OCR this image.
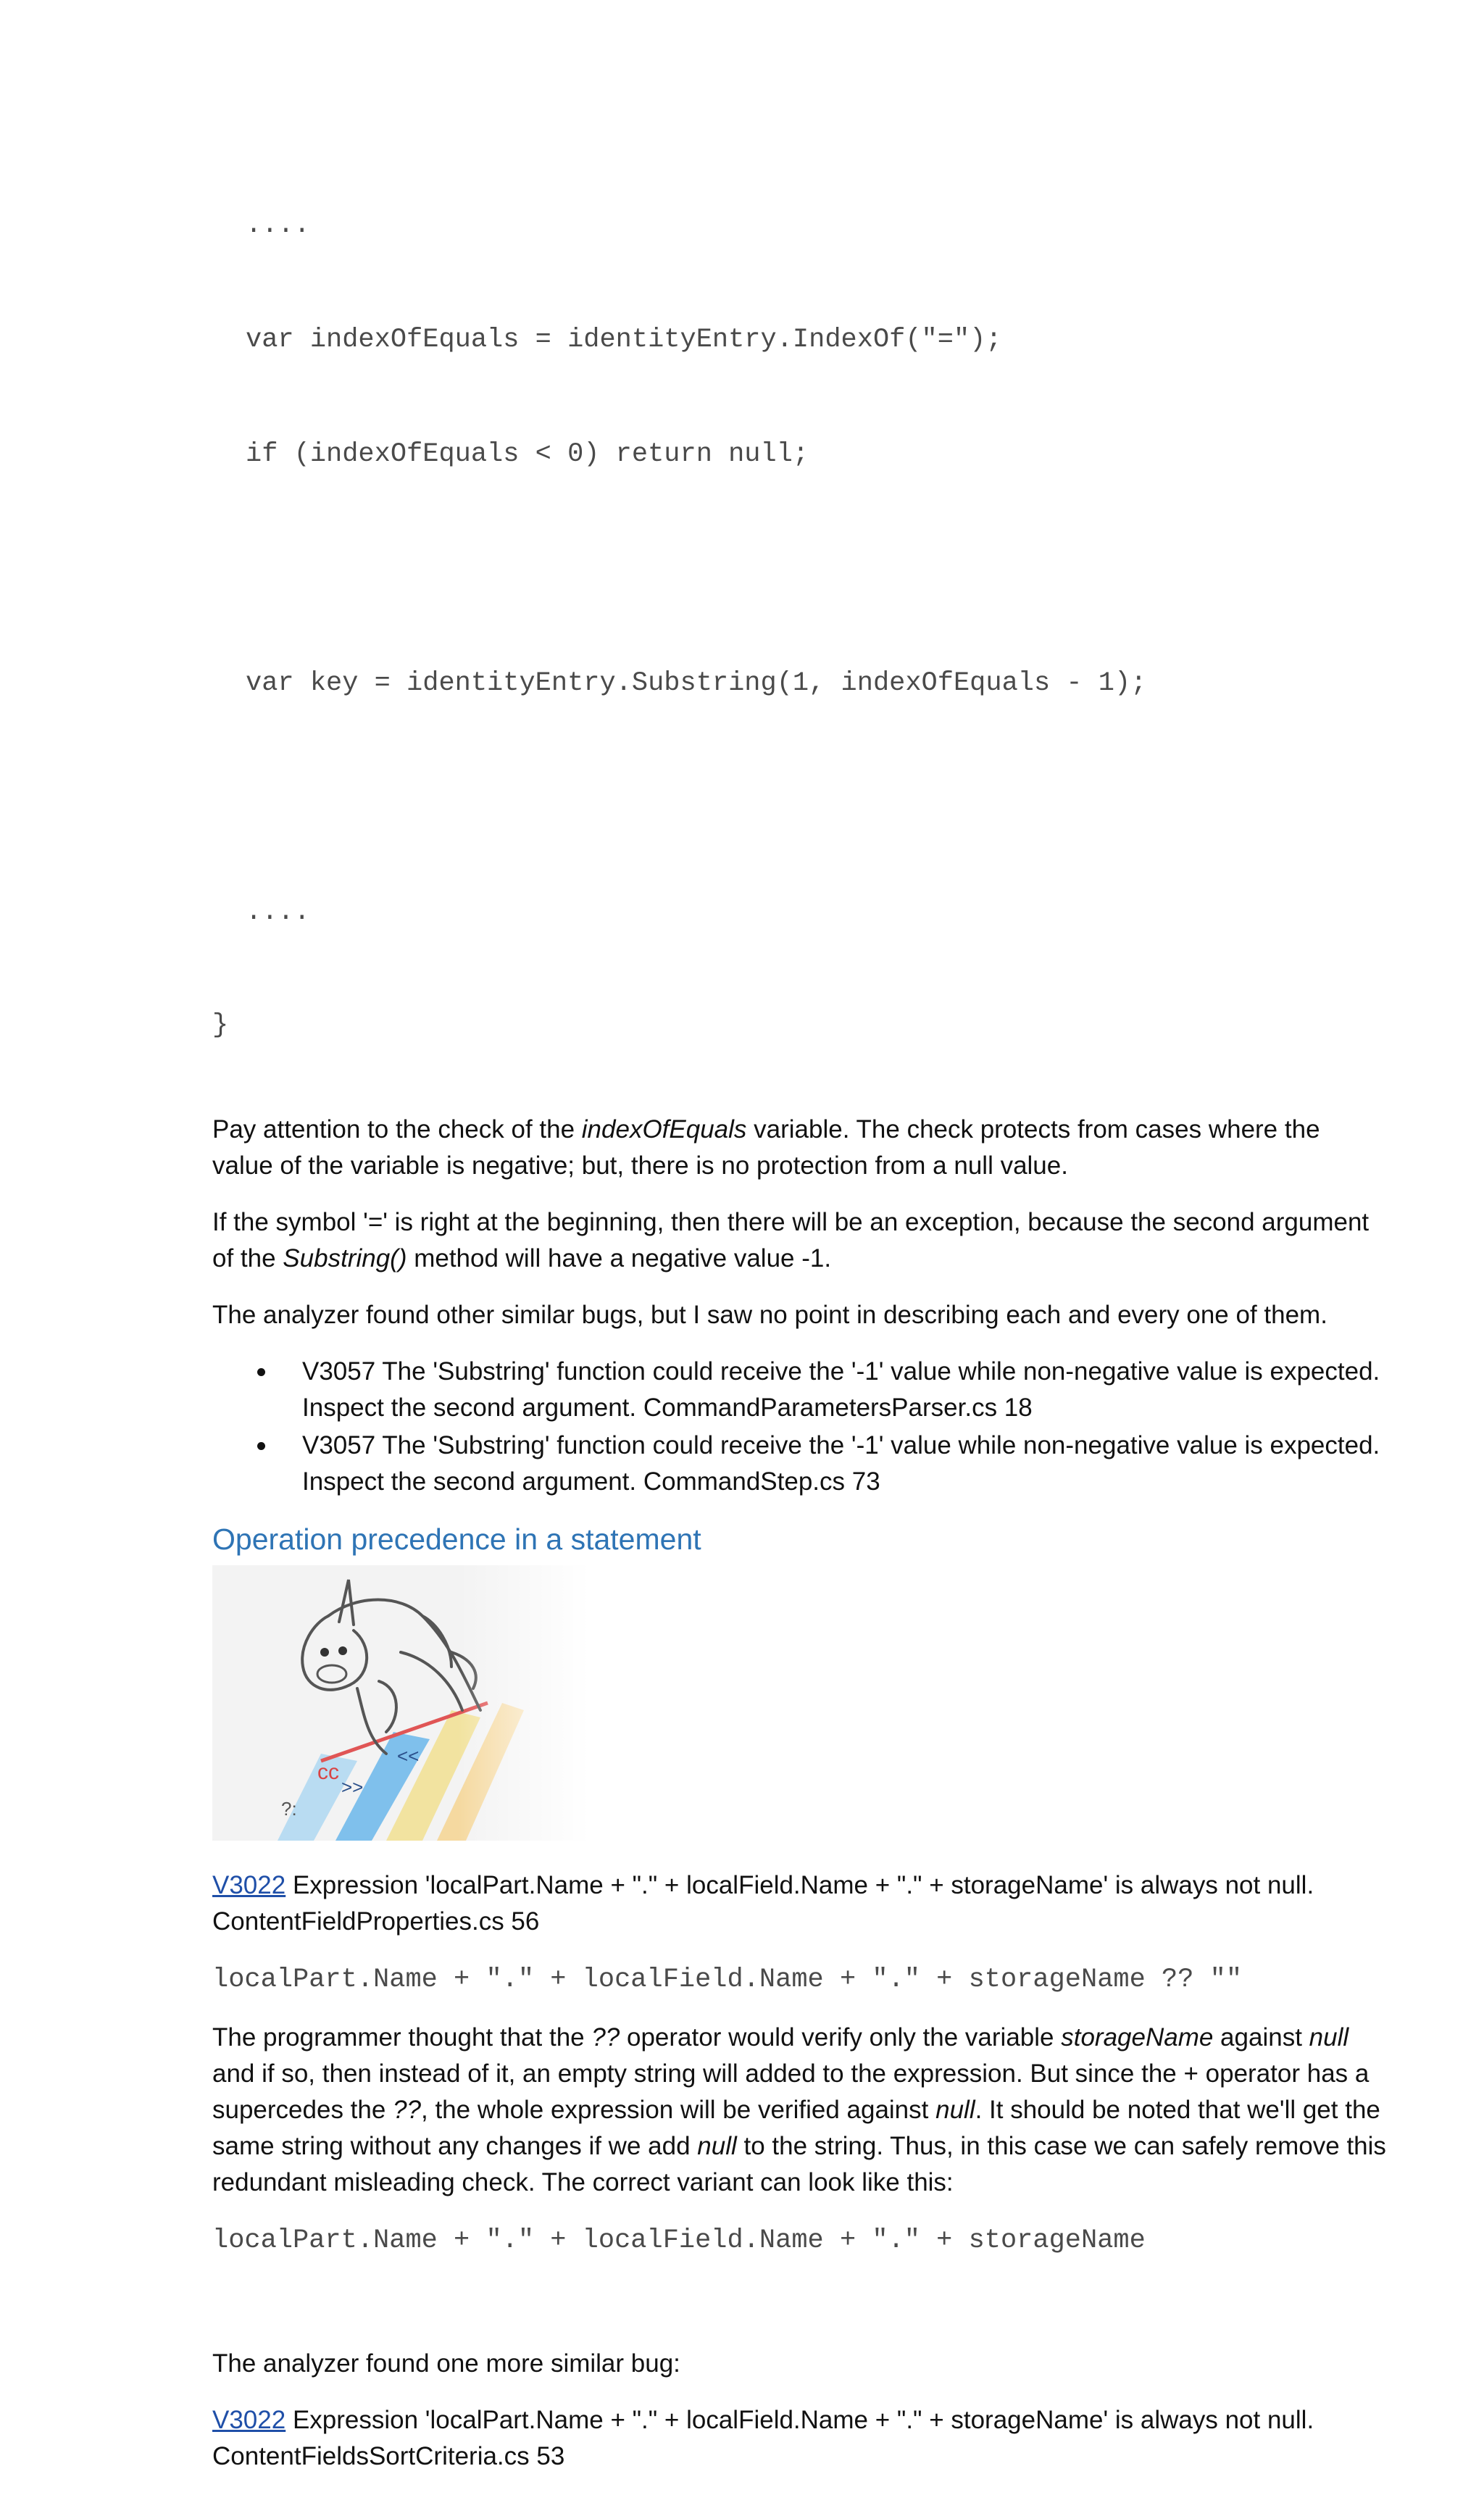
....

var indexOfEquals = identityEntry.IndexOf("=");

if (indexOfEquals < 0) return null;

var key = identityEntry.Substring(1, indexOfEquals - 1);

....

}

Pay attention to the check of the indexOfEquals variable. The check protects from cases where the value of the variable is negative; but, there is no protection from a null value.

If the symbol '=' is right at the beginning, then there will be an exception, because the second argument of the Substring() method will have a negative value -1.

The analyzer found other similar bugs, but I saw no point in describing each and every one of them.

V3057 The 'Substring' function could receive the '-1' value while non-negative value is expected. Inspect the second argument. CommandParametersParser.cs 18
V3057 The 'Substring' function could receive the '-1' value while non-negative value is expected. Inspect the second argument. CommandStep.cs 73
Operation precedence in a statement
cc
>>
<<
?:

V3022 Expression 'localPart.Name + "." + localField.Name + "." + storageName' is always not null. ContentFieldProperties.cs 56

localPart.Name + "." + localField.Name + "." + storageName ?? ""

The programmer thought that the ?? operator would verify only the variable storageName against null and if so, then instead of it, an empty string will added to the expression. But since the + operator has a supercedes the ??, the whole expression will be verified against null. It should be noted that we'll get the same string without any changes if we add null to the string. Thus, in this case we can safely remove this redundant misleading check. The correct variant can look like this:

localPart.Name + "." + localField.Name + "." + storageName

The analyzer found one more similar bug:

V3022 Expression 'localPart.Name + "." + localField.Name + "." + storageName' is always not null. ContentFieldsSortCriteria.cs 53
